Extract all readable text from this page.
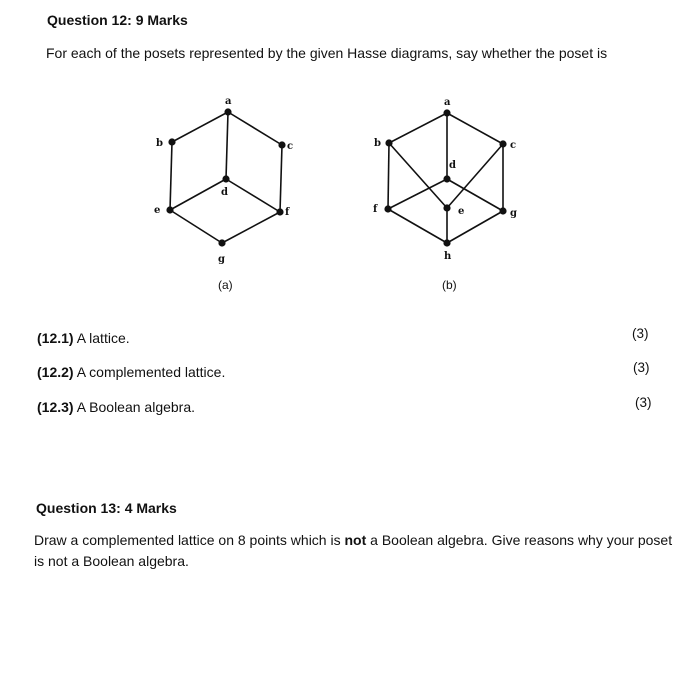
Question 12: 9 Marks
For each of the posets represented by the given Hasse diagrams, say whether the poset is
a
b	c
d
e	f
g
(a)
a
b	c
d
e
f	g
h
(b)
(12.1) A lattice.	(3)
(12.2) A complemented lattice.	(3)
(12.3) A Boolean algebra.	(3)
Question 13: 4 Marks
Draw a complemented lattice on 8 points which is not a Boolean algebra. Give reasons why your poset is not a Boolean algebra.
